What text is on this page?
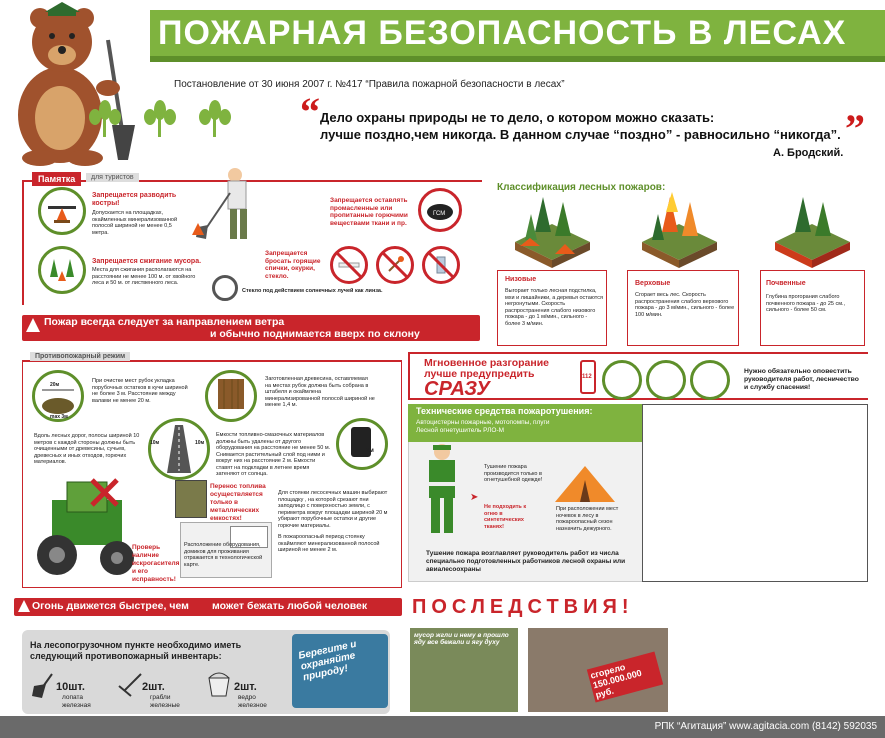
ПОЖАРНАЯ БЕЗОПАСНОСТЬ В ЛЕСАХ
Постановление от 30 июня 2007 г. №417 “Правила пожарной безопасности в лесах”
“ Дело охраны природы не то дело, о котором можно сказать:
лучше поздно,чем никогда. В данном случае “поздно” - равносильно “никогда”. ”
А. Бродский.
Памятка	для туристов
Запрещается разводить костры!
Допускается на площадках, окаймленных минерализованной полосой шириной не менее 0,5 метра.
Запрещается сжигание мусора.
Места для сжигания располагаются на расстоянии не менее 100 м. от хвойного леса и 50 м. от лиственного леса.
ГСМ
Запрещается оставлять промасленные или пропитанные горючими веществами ткани и пр.
Запрещается бросать горящие спички, окурки, стекло.
Стекло под действием солнечных лучей как линза.
Пожар всегда следует за направлением ветра
и обычно поднимается вверх по склону
Классификация лесных пожаров:
Низовые
Выгорает только лесная подстилка, мхи и лишайники, а деревья остаются негронутыми. Скорость распространения слабого низового пожара - до 1 м/мин., сильного - более 3 м/мин.
Верховые
Сгорает весь лес. Скорость распространения слабого верхового пожара - до 3 м/мин., сильного - более 100 м/мин.
Почвенные
Глубина прогорания слабого почвенного пожара - до 25 см., сильного - более 50 см.
Противопожарный режим
20м
max 3м
При очистке мест рубок укладка порубочных остатков в кучи шириной не более 3 м. Расстояние между валами не менее 20 м.
Заготовленная древесина, оставляемая на местах рубок должна быть собрана в штабеля и окаймлена минерализированной полосой шириной не менее 1,4 м.
Вдоль лесных дорог, полосы шириной 10 метров с каждой стороны должны быть очищенными от древесины, сучьев, древесных и иных отходов, горючих материалов.
10м	10м
Емкости топливно-смазочных материалов должны быть удалены от другого оборудования на расстояние не менее 50 м. Снимается растительный слой под ними и вокруг них на расстояние 2 м. Емкости ставят на подкладки в летнее время затеняют от солнца.
2м
Проверь наличие искрогасителя и его исправность!
Перенос топлива осуществляется только в металлических емкостях!
Расположение оборудования, домиков для проживания отражается в технологической карте.
Для стоянки лесосечных машин выбирают площадку , на которой срезают пни заподлицо с поверхностью земли, с периметра вокруг площадки шириной 20 м убирают порубочные остатки и другие горючие материалы.
В пожароопасный период стоянку окаймляют минерализованной полосой шириной не менее 2 м.
Мгновенное разгорание
лучше предупредить
СРАЗУ
112
Нужно обязательно оповестить руководителя работ, лесничество и службу спасения!
Технические средства пожаротушения:
Автоцистерны пожарные, мотопомпы, плуги
Лесной огнетушитель РЛО-М
➤
Тушение пожара производится только в огнетушебной одежде!
Не подходить к огню в синтетических тканях!
При расположении мест ночевок в лесу в пожароопасный сезон назначить дежурного.
Тушение пожара возглавляет руководитель работ из числа специально подготовленных работников лесной охраны или авиалесоохраны
Огонь движется быстрее, чем может бежать любой человек
На лесопогрузочном пункте необходимо иметь следующий противопожарный инвентарь:
10шт.
лопата железная
2шт.
грабли железные
2шт.
ведро железное
Берегите и охраняйте природу!
ПОСЛЕДСТВИЯ!
мусор жгли и нему в прошло яду все бежали и ягу духу
сгорело 150.000.000 руб.
РПК “Агитация” www.agitacia.com (8142) 592035
